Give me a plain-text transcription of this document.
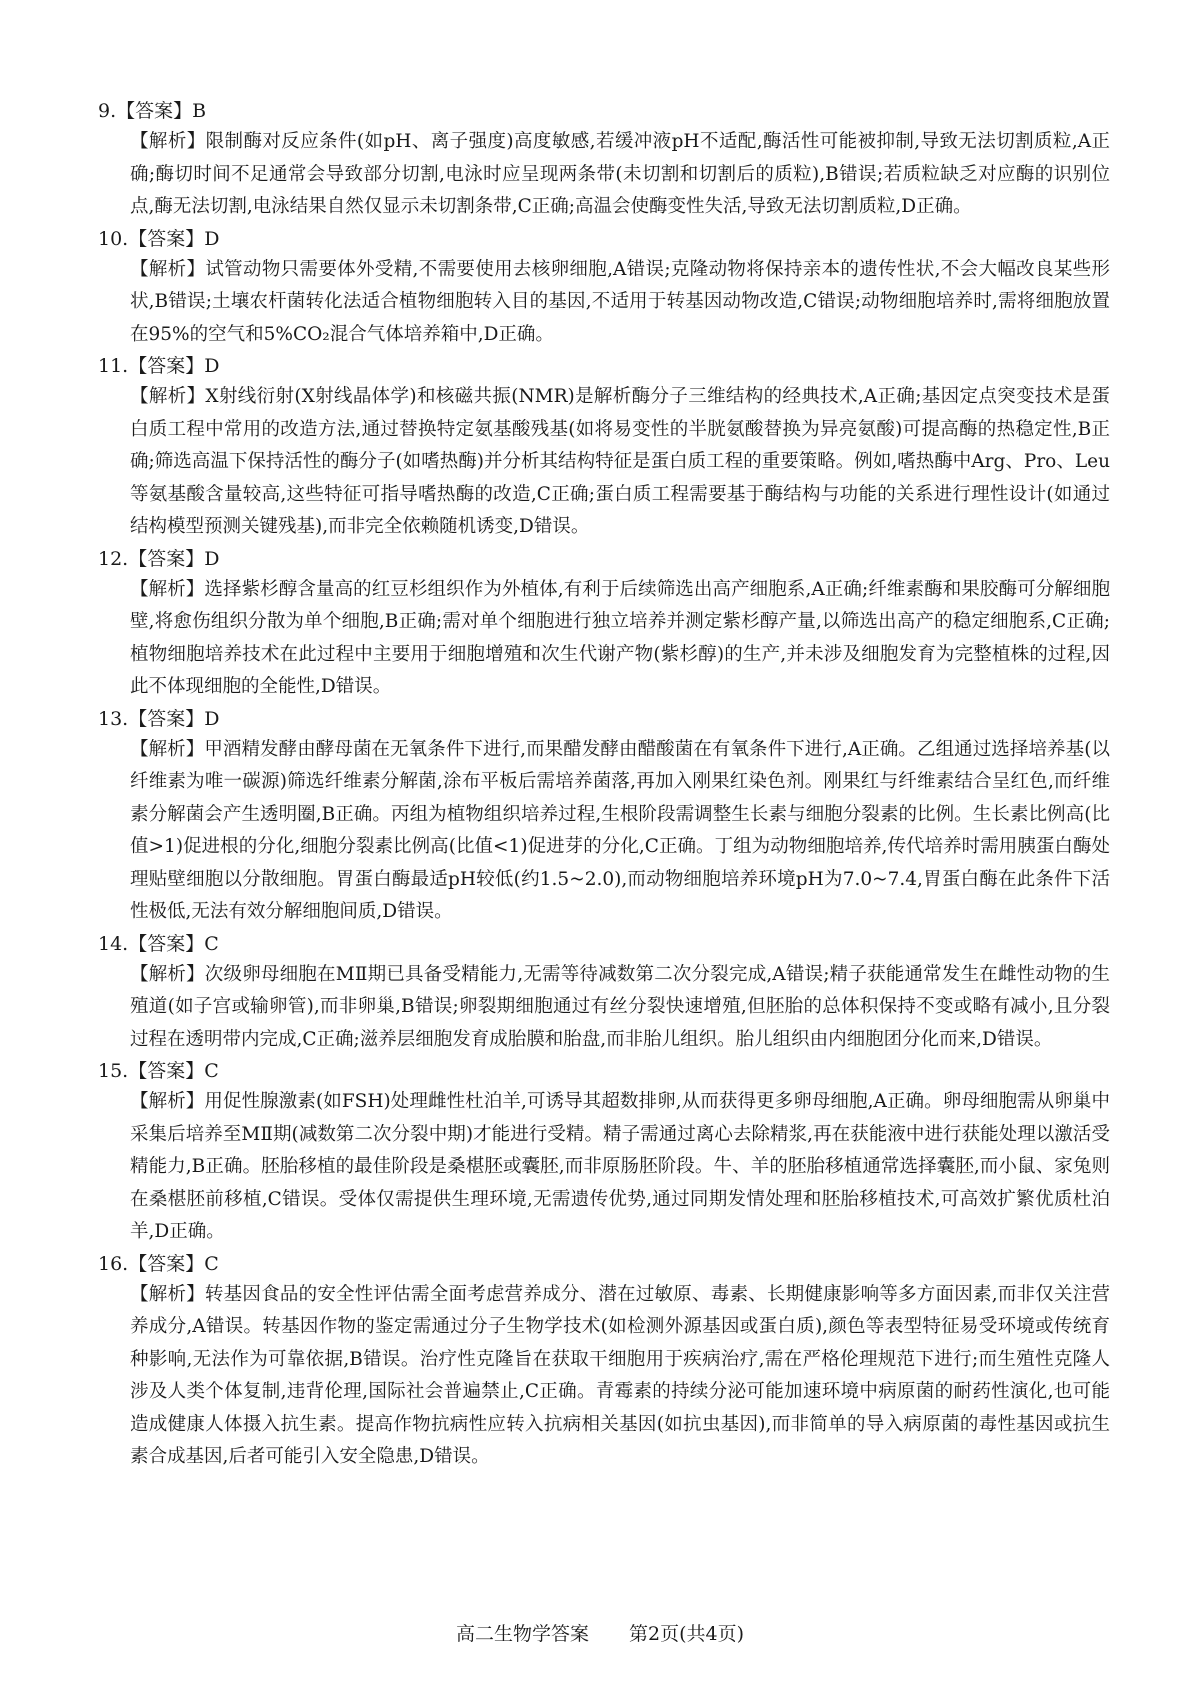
9.【答案】B

【解析】限制酶对反应条件(如pH、离子强度)高度敏感,若缓冲液pH不适配,酶活性可能被抑制,导致无法切割质粒,A正确;酶切时间不足通常会导致部分切割,电泳时应呈现两条带(未切割和切割后的质粒),B错误;若质粒缺乏对应酶的识别位点,酶无法切割,电泳结果自然仅显示未切割条带,C正确;高温会使酶变性失活,导致无法切割质粒,D正确。

10.【答案】D

【解析】试管动物只需要体外受精,不需要使用去核卵细胞,A错误;克隆动物将保持亲本的遗传性状,不会大幅改良某些形状,B错误;土壤农杆菌转化法适合植物细胞转入目的基因,不适用于转基因动物改造,C错误;动物细胞培养时,需将细胞放置在95%的空气和5%CO₂混合气体培养箱中,D正确。

11.【答案】D

【解析】X射线衍射(X射线晶体学)和核磁共振(NMR)是解析酶分子三维结构的经典技术,A正确;基因定点突变技术是蛋白质工程中常用的改造方法,通过替换特定氨基酸残基(如将易变性的半胱氨酸替换为异亮氨酸)可提高酶的热稳定性,B正确;筛选高温下保持活性的酶分子(如嗜热酶)并分析其结构特征是蛋白质工程的重要策略。例如,嗜热酶中Arg、Pro、Leu等氨基酸含量较高,这些特征可指导嗜热酶的改造,C正确;蛋白质工程需要基于酶结构与功能的关系进行理性设计(如通过结构模型预测关键残基),而非完全依赖随机诱变,D错误。

12.【答案】D

【解析】选择紫杉醇含量高的红豆杉组织作为外植体,有利于后续筛选出高产细胞系,A正确;纤维素酶和果胶酶可分解细胞壁,将愈伤组织分散为单个细胞,B正确;需对单个细胞进行独立培养并测定紫杉醇产量,以筛选出高产的稳定细胞系,C正确;植物细胞培养技术在此过程中主要用于细胞增殖和次生代谢产物(紫杉醇)的生产,并未涉及细胞发育为完整植株的过程,因此不体现细胞的全能性,D错误。

13.【答案】D

【解析】甲酒精发酵由酵母菌在无氧条件下进行,而果醋发酵由醋酸菌在有氧条件下进行,A正确。乙组通过选择培养基(以纤维素为唯一碳源)筛选纤维素分解菌,涂布平板后需培养菌落,再加入刚果红染色剂。刚果红与纤维素结合呈红色,而纤维素分解菌会产生透明圈,B正确。丙组为植物组织培养过程,生根阶段需调整生长素与细胞分裂素的比例。生长素比例高(比值>1)促进根的分化,细胞分裂素比例高(比值<1)促进芽的分化,C正确。丁组为动物细胞培养,传代培养时需用胰蛋白酶处理贴壁细胞以分散细胞。胃蛋白酶最适pH较低(约1.5~2.0),而动物细胞培养环境pH为7.0~7.4,胃蛋白酶在此条件下活性极低,无法有效分解细胞间质,D错误。

14.【答案】C

【解析】次级卵母细胞在MⅡ期已具备受精能力,无需等待减数第二次分裂完成,A错误;精子获能通常发生在雌性动物的生殖道(如子宫或输卵管),而非卵巢,B错误;卵裂期细胞通过有丝分裂快速增殖,但胚胎的总体积保持不变或略有减小,且分裂过程在透明带内完成,C正确;滋养层细胞发育成胎膜和胎盘,而非胎儿组织。胎儿组织由内细胞团分化而来,D错误。

15.【答案】C

【解析】用促性腺激素(如FSH)处理雌性杜泊羊,可诱导其超数排卵,从而获得更多卵母细胞,A正确。卵母细胞需从卵巢中采集后培养至MⅡ期(减数第二次分裂中期)才能进行受精。精子需通过离心去除精浆,再在获能液中进行获能处理以激活受精能力,B正确。胚胎移植的最佳阶段是桑椹胚或囊胚,而非原肠胚阶段。牛、羊的胚胎移植通常选择囊胚,而小鼠、家兔则在桑椹胚前移植,C错误。受体仅需提供生理环境,无需遗传优势,通过同期发情处理和胚胎移植技术,可高效扩繁优质杜泊羊,D正确。

16.【答案】C

【解析】转基因食品的安全性评估需全面考虑营养成分、潜在过敏原、毒素、长期健康影响等多方面因素,而非仅关注营养成分,A错误。转基因作物的鉴定需通过分子生物学技术(如检测外源基因或蛋白质),颜色等表型特征易受环境或传统育种影响,无法作为可靠依据,B错误。治疗性克隆旨在获取干细胞用于疾病治疗,需在严格伦理规范下进行;而生殖性克隆人涉及人类个体复制,违背伦理,国际社会普遍禁止,C正确。青霉素的持续分泌可能加速环境中病原菌的耐药性演化,也可能造成健康人体摄入抗生素。提高作物抗病性应转入抗病相关基因(如抗虫基因),而非简单的导入病原菌的毒性基因或抗生素合成基因,后者可能引入安全隐患,D错误。

高二生物学答案 第2页(共4页)
